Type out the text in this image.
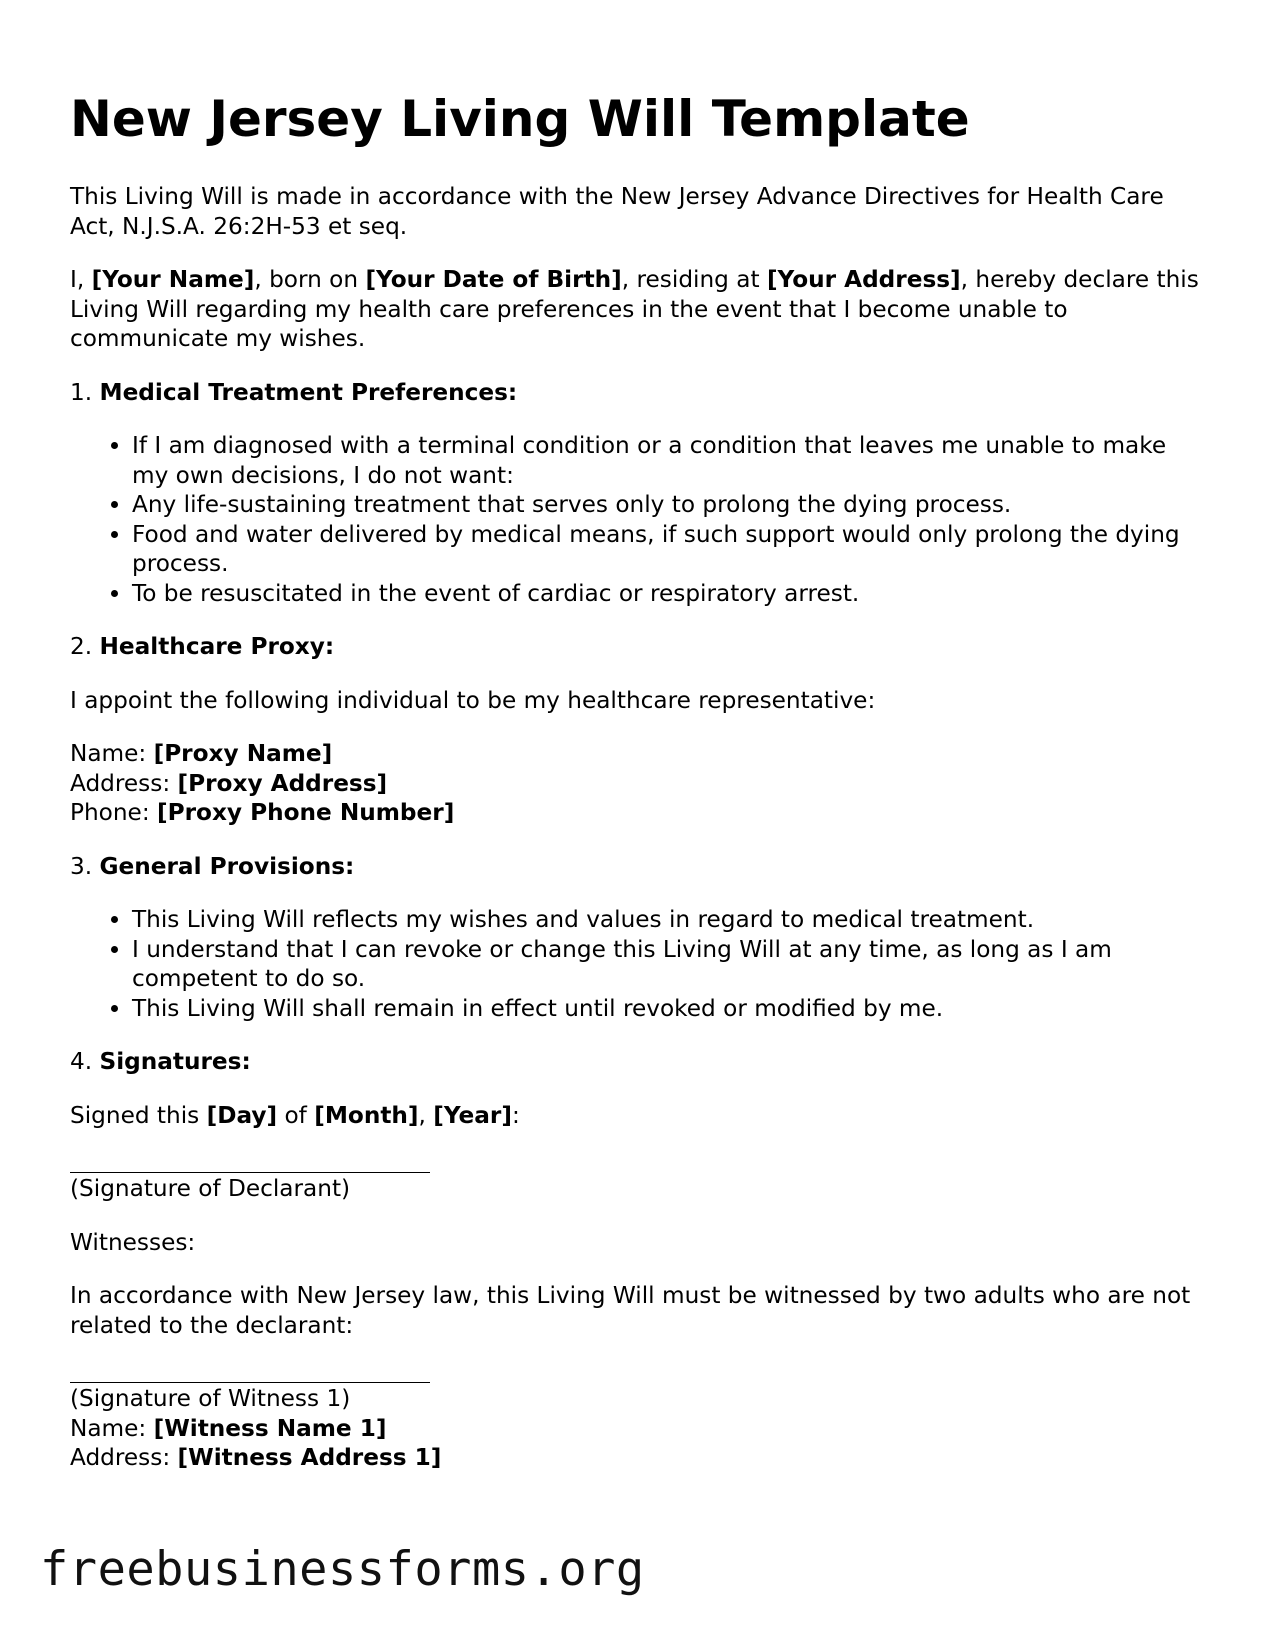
New Jersey Living Will Template

This Living Will is made in accordance with the New Jersey Advance Directives for Health Care Act, N.J.S.A. 26:2H-53 et seq.

I, [Your Name], born on [Your Date of Birth], residing at [Your Address], hereby declare this Living Will regarding my health care preferences in the event that I become unable to communicate my wishes.

1. Medical Treatment Preferences:

• If I am diagnosed with a terminal condition or a condition that leaves me unable to make my own decisions, I do not want:
• Any life-sustaining treatment that serves only to prolong the dying process.
• Food and water delivered by medical means, if such support would only prolong the dying process.
• To be resuscitated in the event of cardiac or respiratory arrest.

2. Healthcare Proxy:

I appoint the following individual to be my healthcare representative:

Name: [Proxy Name]
Address: [Proxy Address]
Phone: [Proxy Phone Number]

3. General Provisions:

• This Living Will reflects my wishes and values in regard to medical treatment.
• I understand that I can revoke or change this Living Will at any time, as long as I am competent to do so.
• This Living Will shall remain in effect until revoked or modified by me.

4. Signatures:

Signed this [Day] of [Month], [Year]:

(Signature of Declarant)

Witnesses:

In accordance with New Jersey law, this Living Will must be witnessed by two adults who are not related to the declarant:

(Signature of Witness 1)
Name: [Witness Name 1]
Address: [Witness Address 1]
freebusinessforms.org
